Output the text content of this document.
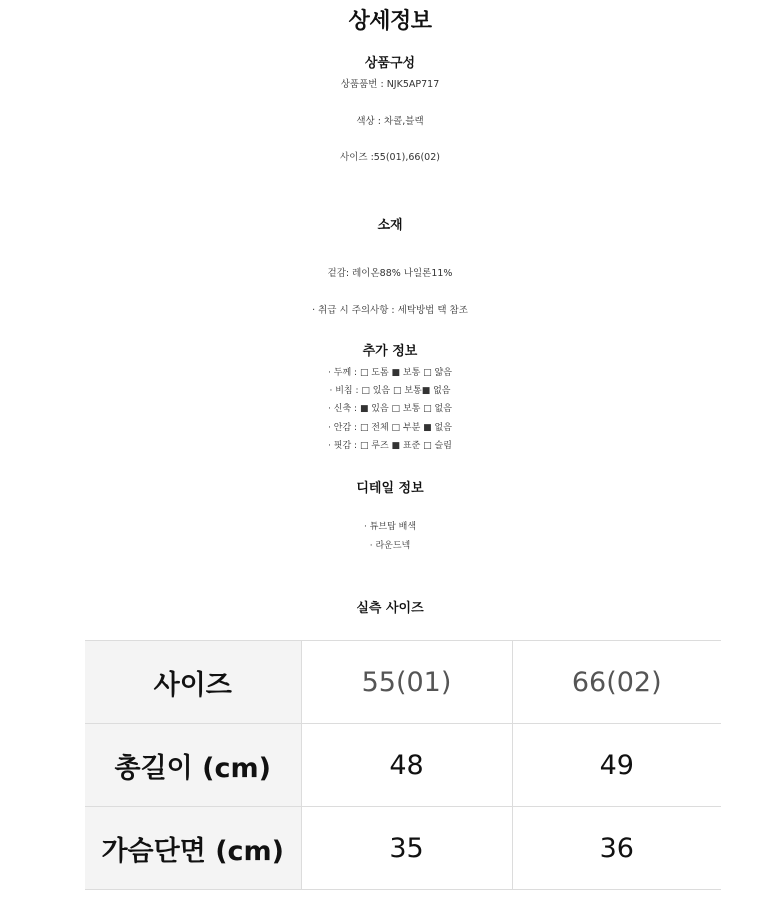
상세정보
상품구성
상품품번 : NJK5AP717
색상 : 차콜,블랙
사이즈 :55(01),66(02)
소재
겉감: 레이온88% 나일론11%
· 취급 시 주의사항 : 세탁방법 택 참조
추가 정보
· 두께 : □ 도톰 ■ 보통 □ 얇음
· 비침 : □ 있음 □ 보통■ 없음
· 신축 : ■ 있음 □ 보통 □ 없음
· 안감 : □ 전체 □ 부분 ■ 없음
· 핏감 : □ 루즈 ■ 표준 □ 슬림
디테일 정보
· 튜브탑 배색
· 라운드넥
실측 사이즈
사이즈	55(01)	66(02)
총길이 (cm)	48	49
가슴단면 (cm)	35	36
